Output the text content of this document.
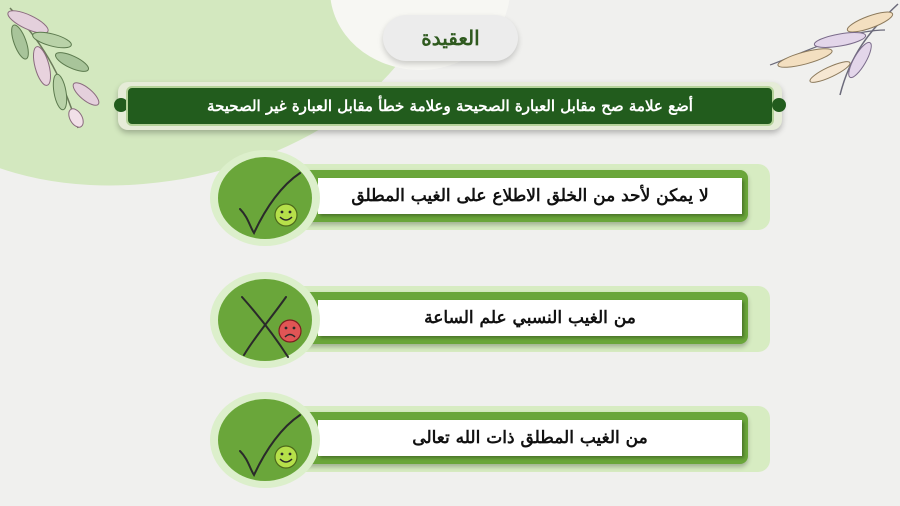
العقيدة
أضع علامة صح مقابل العبارة الصحيحة وعلامة خطأ مقابل العبارة غير الصحيحة
لا يمكن لأحد من الخلق الاطلاع على الغيب المطلق
من الغيب النسبي علم الساعة
من الغيب المطلق ذات الله تعالى
